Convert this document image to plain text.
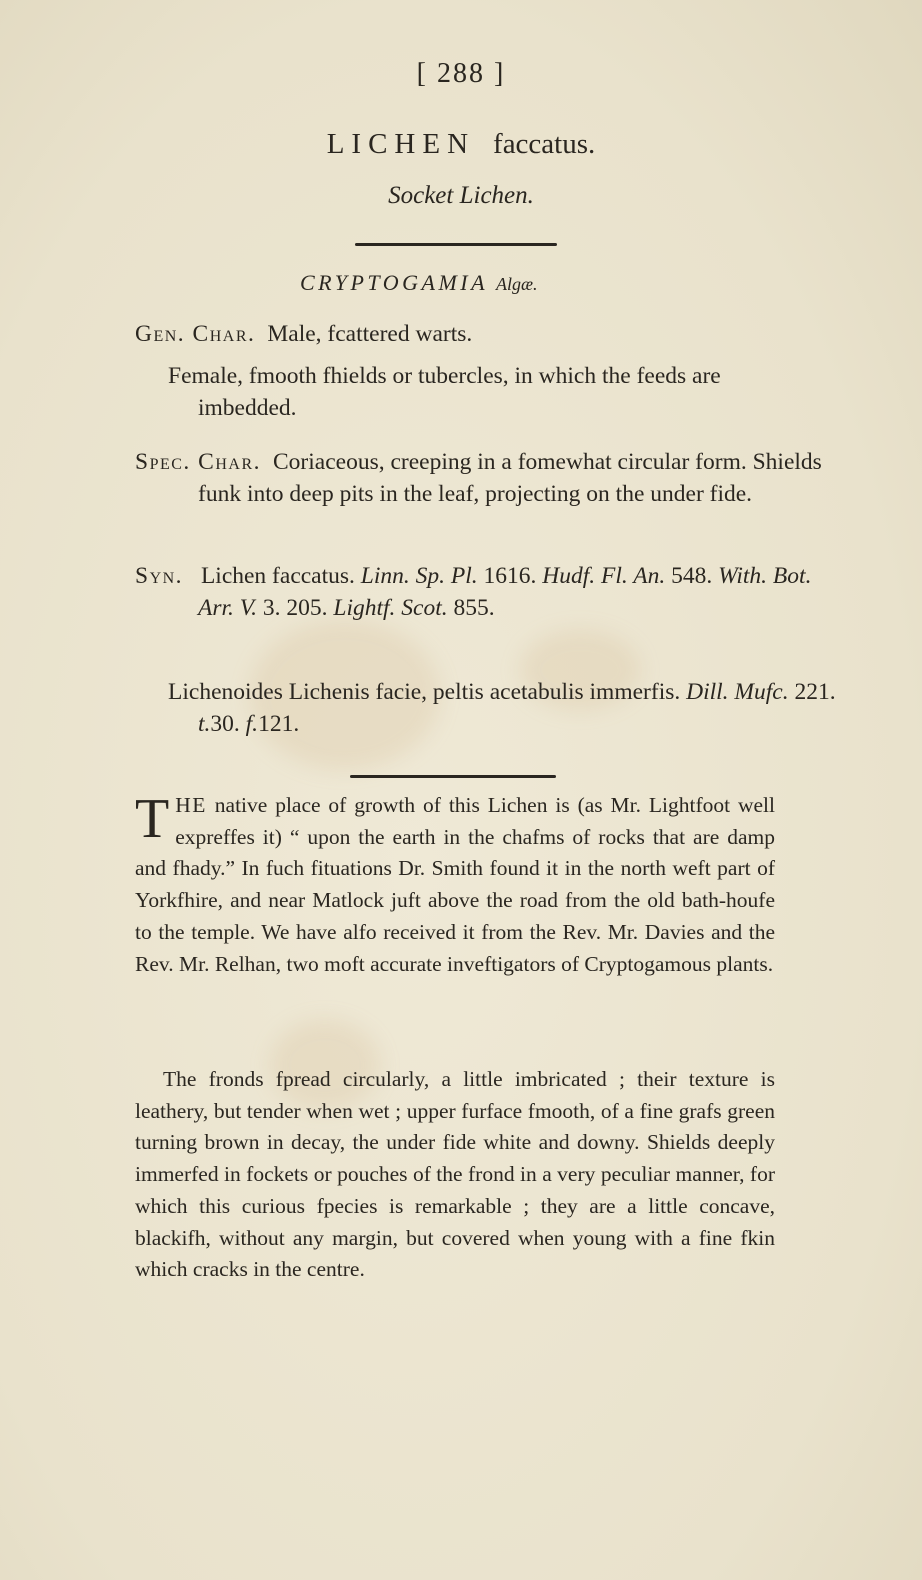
[ 288 ]
LICHEN faccatus.
Socket Lichen.
CRYPTOGAMIA Algæ.
Gen. Char. Male, fcattered warts.
Female, fmooth fhields or tubercles, in which the feeds are imbedded.
Spec. Char. Coriaceous, creeping in a fomewhat circular form. Shields funk into deep pits in the leaf, projecting on the under fide.
Syn. Lichen faccatus. Linn. Sp. Pl. 1616. Hudf. Fl. An. 548. With. Bot. Arr. V. 3. 205. Lightf. Scot. 855.
Lichenoides Lichenis facie, peltis acetabulis immerfis. Dill. Mufc. 221. t.30. f.121.
THE native place of growth of this Lichen is (as Mr. Lightfoot well expreffes it) “ upon the earth in the chafms of rocks that are damp and fhady.” In fuch fituations Dr. Smith found it in the north weft part of Yorkfhire, and near Matlock juft above the road from the old bath-houfe to the temple. We have alfo received it from the Rev. Mr. Davies and the Rev. Mr. Relhan, two moft accurate inveftigators of Cryptogamous plants.
The fronds fpread circularly, a little imbricated ; their texture is leathery, but tender when wet ; upper furface fmooth, of a fine grafs green turning brown in decay, the under fide white and downy. Shields deeply immerfed in fockets or pouches of the frond in a very peculiar manner, for which this curious fpecies is remarkable ; they are a little concave, blackifh, without any margin, but covered when young with a fine fkin which cracks in the centre.
